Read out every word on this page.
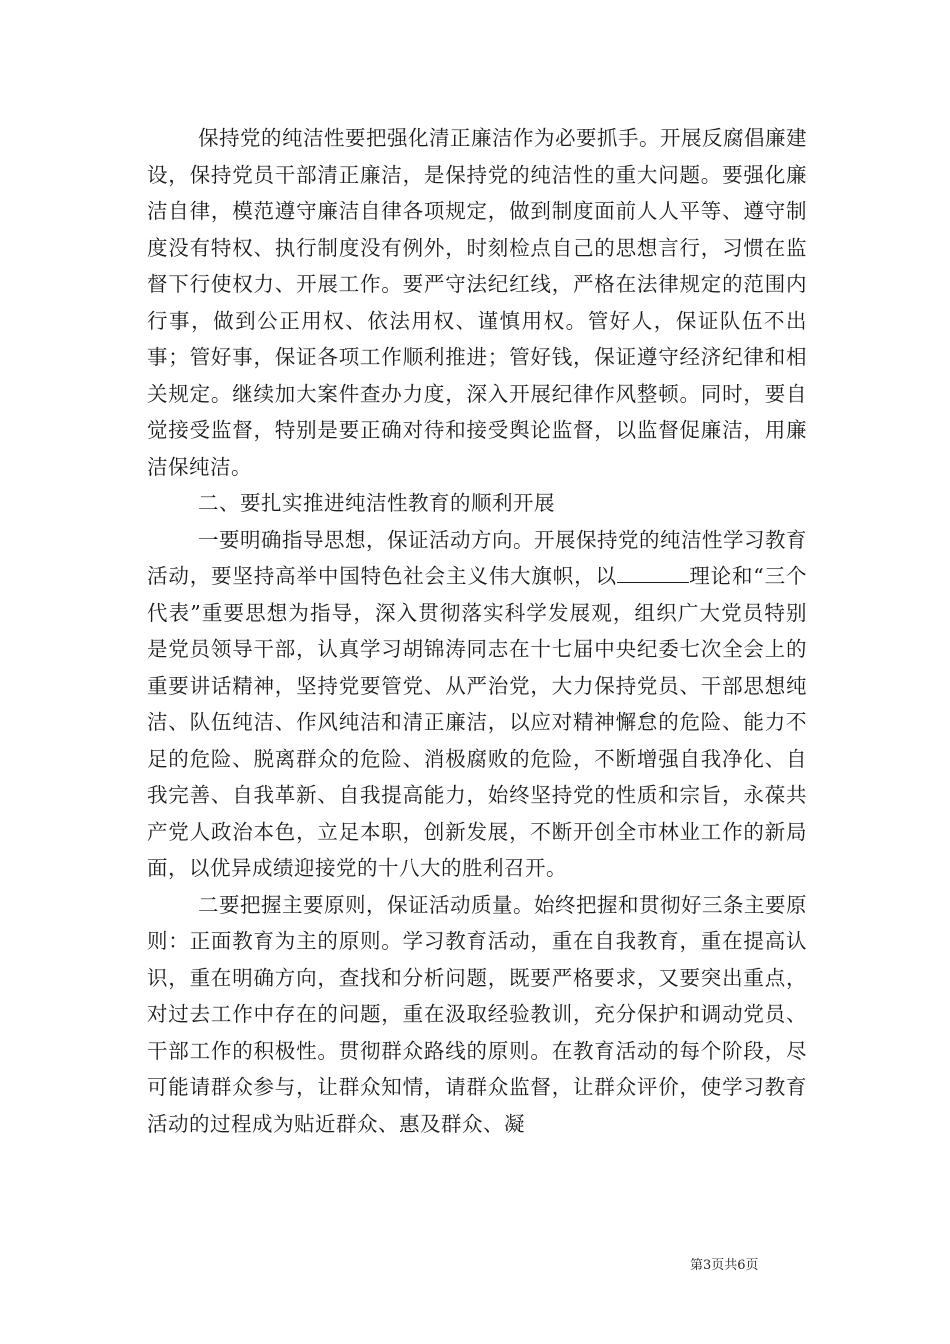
保持党的纯洁性要把强化清正廉洁作为必要抓手。开展反腐倡廉建设，保持党员干部清正廉洁，是保持党的纯洁性的重大问题。要强化廉洁自律，模范遵守廉洁自律各项规定，做到制度面前人人平等、遵守制度没有特权、执行制度没有例外，时刻检点自己的思想言行，习惯在监督下行使权力、开展工作。要严守法纪红线，严格在法律规定的范围内行事，做到公正用权、依法用权、谨慎用权。管好人，保证队伍不出事；管好事，保证各项工作顺利推进；管好钱，保证遵守经济纪律和相关规定。继续加大案件查办力度，深入开展纪律作风整顿。同时，要自觉接受监督，特别是要正确对待和接受舆论监督，以监督促廉洁，用廉洁保纯洁。

二、要扎实推进纯洁性教育的顺利开展

一要明确指导思想，保证活动方向。开展保持党的纯洁性学习教育活动，要坚持高举中国特色社会主义伟大旗帜，以	理论和“三个代表”重要思想为指导，深入贯彻落实科学发展观，组织广大党员特别是党员领导干部，认真学习胡锦涛同志在十七届中央纪委七次全会上的重要讲话精神，坚持党要管党、从严治党，大力保持党员、干部思想纯洁、队伍纯洁、作风纯洁和清正廉洁，以应对精神懈怠的危险、能力不足的危险、脱离群众的危险、消极腐败的危险，不断增强自我净化、自我完善、自我革新、自我提高能力，始终坚持党的性质和宗旨，永葆共产党人政治本色，立足本职，创新发展，不断开创全市林业工作的新局面，以优异成绩迎接党的十八大的胜利召开。

二要把握主要原则，保证活动质量。始终把握和贯彻好三条主要原则：正面教育为主的原则。学习教育活动，重在自我教育，重在提高认识，重在明确方向，查找和分析问题，既要严格要求，又要突出重点，对过去工作中存在的问题，重在汲取经验教训，充分保护和调动党员、干部工作的积极性。贯彻群众路线的原则。在教育活动的每个阶段，尽可能请群众参与，让群众知情，请群众监督，让群众评价，使学习教育活动的过程成为贴近群众、惠及群众、凝

第3页共6页
